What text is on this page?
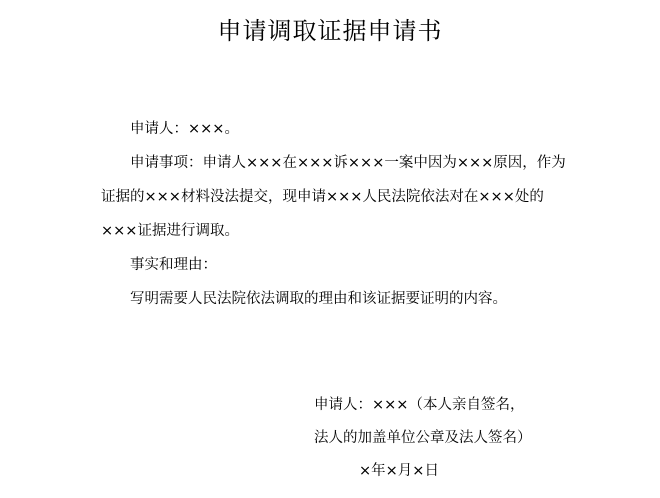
申请调取证据申请书
申请人：×××。
申请事项：申请人×××在×××诉×××一案中因为×××原因，作为证据的×××材料没法提交，现申请×××人民法院依法对在×××处的×××证据进行调取。
事实和理由：
写明需要人民法院依法调取的理由和该证据要证明的内容。
申请人：×××（本人亲自签名，
法人的加盖单位公章及法人签名）
×年×月×日
